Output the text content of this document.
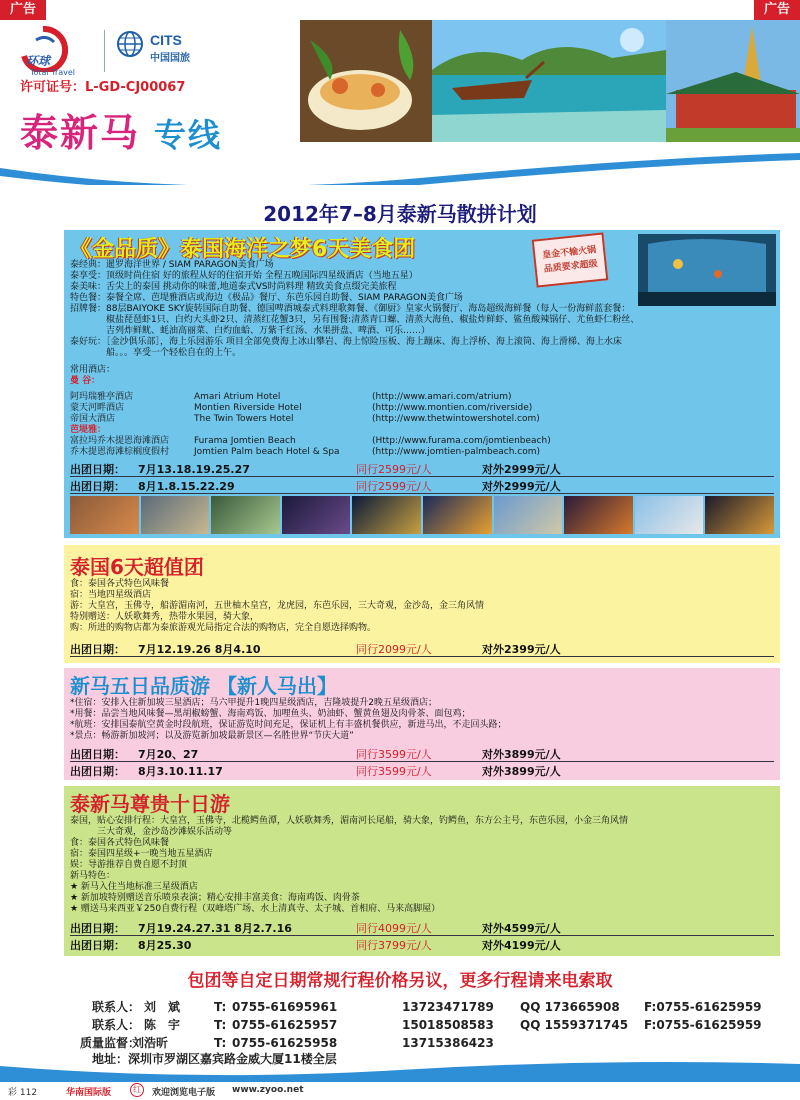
广告	广告
环球
Total Travel
CITS
中国国旅
许可证号：L-GD-CJ00067
泰新马 专线
2012年7–8月泰新马散拼计划
《金品质》泰国海洋之梦6天美食团	皇金不输火锅
品质要求超级
泰经典：暹罗海洋世界 / SIAM PARAGON美食广场
泰享受：顶级时尚住宿 好的旅程从好的住宿开始 全程五晚国际四星级酒店（当地五星）
泰美味：舌尖上的泰国 挑动你的味蕾,地道泰式VS时尚料理 精致美食点缀完美旅程
特色餐：泰餐全席、芭堤雅酒店或海边《极品》餐厅、东芭乐园自助餐、SIAM PARAGON美食广场
招牌餐：88层BAIYOKE SKY旋转国际自助餐、德国啤酒城泰式料理歌舞餐、《御厨》皇家火锅餐厅、海岛超级海鲜餐（每人一份海鲜蓝套餐：
　　　　椒盐琵琶虾1只、白灼大头虾2只、清蒸红花蟹3只，另有围餐:清蒸青口螺、清蒸大海鱼、椒盐炸鲜虾、鲨鱼酸辣锅仔、尤鱼虾仁粉丝、
　　　　吉列炸鲜鱿、蚝油高丽菜、白灼血蛤、万紫千红汤、水果拼盘、啤酒、可乐……）
泰好玩：［金沙俱乐部］，海上乐园游乐 项目全部免费海上冰山攀岩、海上惊险压板、海上蹦床、海上浮桥、海上滚筒、海上滑梯、海上水床
　　　　船。。。享受一个轻松自在的上午。
常用酒店：
曼 谷：
阿玛瑞雅亭酒店	Amari Atrium Hotel	(http://www.amari.com/atrium)
蒙天河畔酒店	Montien Riverside Hotel	(http://www.montien.com/riverside)
帝国大酒店	The Twin Towers Hotel	(http://www.thetwintowershotel.com)
芭堤雅：
富拉玛乔木提恩海滩酒店	Furama Jomtien Beach	(Http://www.furama.com/jomtienbeach)
乔木提恩海滩棕榈度假村	Jomtien Palm beach Hotel & Spa	(http://www.jomtien-palmbeach.com)
出团日期： 7月13.18.19.25.27	同行2599元/人	对外2999元/人
出团日期： 8月1.8.15.22.29	同行2599元/人	对外2999元/人
泰国6天超值团
食：泰国各式特色风味餐
宿：当地四星级酒店
游：大皇宫，玉佛寺，船游湄南河，五世柚木皇宫，龙虎园，东芭乐园，三大奇观，金沙岛，金三角风情
特别赠送：人妖歌舞秀，热带水果园，骑大象，
购：所进的购物店都为泰旅游观光局指定合法的购物店，完全自愿选择购物。
出团日期： 7月12.19.26 8月4.10	同行2099元/人	对外2399元/人
新马五日品质游 【新人马出】
*住宿：安排入住新加坡三星酒店；马六甲提升1晚四星级酒店，吉隆坡提升2晚五星级酒店；
*用餐：品尝当地风味餐—黑胡椒螃蟹、海南鸡饭、加哩鱼头、奶油虾、蟹黄鱼翅及肉骨茶、面包鸡；
*航班：安排国泰航空黄金时段航班，保证游览时间充足，保证机上有丰盛机餐供应，新进马出，不走回头路；
*景点：畅游新加坡河；以及游览新加坡最新景区—名胜世界“节庆大道”
出团日期： 7月20、27	同行3599元/人	对外3899元/人
出团日期： 8月3.10.11.17	同行3599元/人	对外3899元/人
泰新马尊贵十日游
泰国，贴心安排行程：大皇宫，玉佛寺，北榄鳄鱼潭，人妖歌舞秀，湄南河长尾船，骑大象，钓鳄鱼，东方公主号，东芭乐园，小金三角风情
　　　三大奇观，金沙岛沙滩娱乐活动等
食：泰国各式特色风味餐
宿：泰国四星级+一晚当地五星酒店
娱：导游推荐自费自愿不封顶
新马特色：
★ 新马入住当地标准三星级酒店
★ 新加坡特别赠送音乐喷泉表演；精心安排丰富美食：海南鸡饭、肉骨茶
★ 赠送马来西亚￥250自费行程（双峰塔广场、水上清真寺、太子城、首相府、马来高脚屋）
出团日期： 7月19.24.27.31 8月2.7.16	同行4099元/人	对外4599元/人
出团日期： 8月25.30	同行3799元/人	对外4199元/人
包团等自定日期常规行程价格另议，更多行程请来电索取
联系人： 刘　斌	T: 0755-61695961	13723471789 QQ 173665908 F:0755-61625959
联系人： 陈　宇	T: 0755-61625957	15018508583 QQ 1559371745 F:0755-61625959
质量监督：刘浩昕	T: 0755-61625958	13715386423
地址：深圳市罗湖区嘉宾路金威大厦11楼全层
彩 112	华南国际版	红	欢迎浏览电子版 www.zyoo.net
